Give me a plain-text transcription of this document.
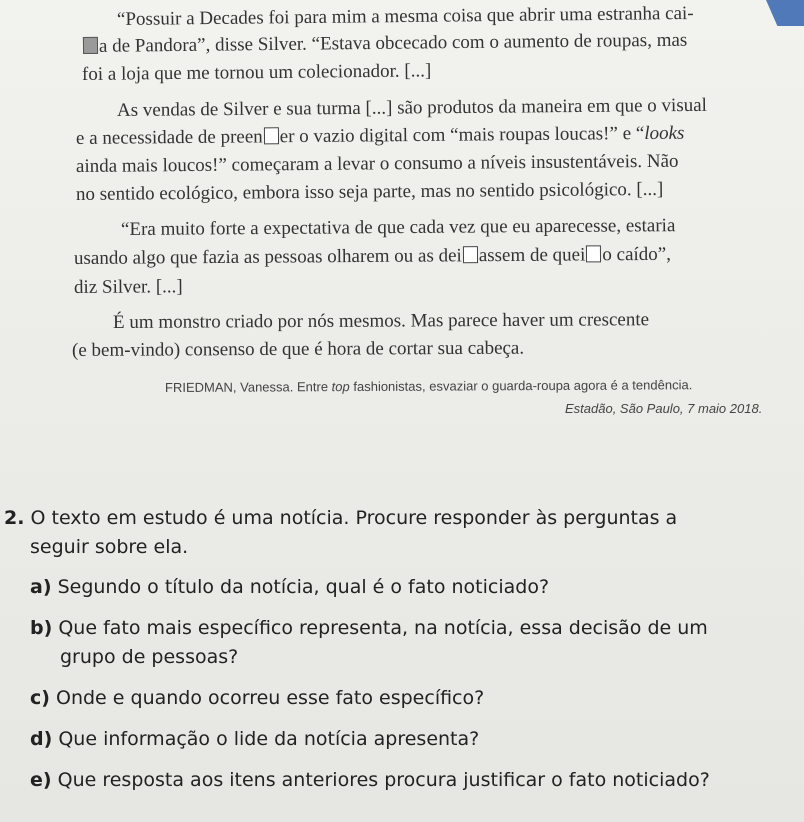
“Possuir a Decades foi para mim a mesma coisa que abrir uma estranha cai-
a de Pandora”, disse Silver. “Estava obcecado com o aumento de roupas, mas
foi a loja que me tornou um colecionador. [...]
As vendas de Silver e sua turma [...] são produtos da maneira em que o visual
e a necessidade de preen er o vazio digital com “mais roupas loucas!” e “looks
ainda mais loucos!” começaram a levar o consumo a níveis insustentáveis. Não
no sentido ecológico, embora isso seja parte, mas no sentido psicológico. [...]
“Era muito forte a expectativa de que cada vez que eu aparecesse, estaria
usando algo que fazia as pessoas olharem ou as dei assem de quei o caído”,
diz Silver. [...]
É um monstro criado por nós mesmos. Mas parece haver um crescente
(e bem-vindo) consenso de que é hora de cortar sua cabeça.
FRIEDMAN, Vanessa. Entre top fashionistas, esvaziar o guarda-roupa agora é a tendência.
Estadão, São Paulo, 7 maio 2018.
2. O texto em estudo é uma notícia. Procure responder às perguntas a
seguir sobre ela.
a) Segundo o título da notícia, qual é o fato noticiado?
b) Que fato mais específico representa, na notícia, essa decisão de um
grupo de pessoas?
c) Onde e quando ocorreu esse fato específico?
d) Que informação o lide da notícia apresenta?
e) Que resposta aos itens anteriores procura justificar o fato noticiado?
